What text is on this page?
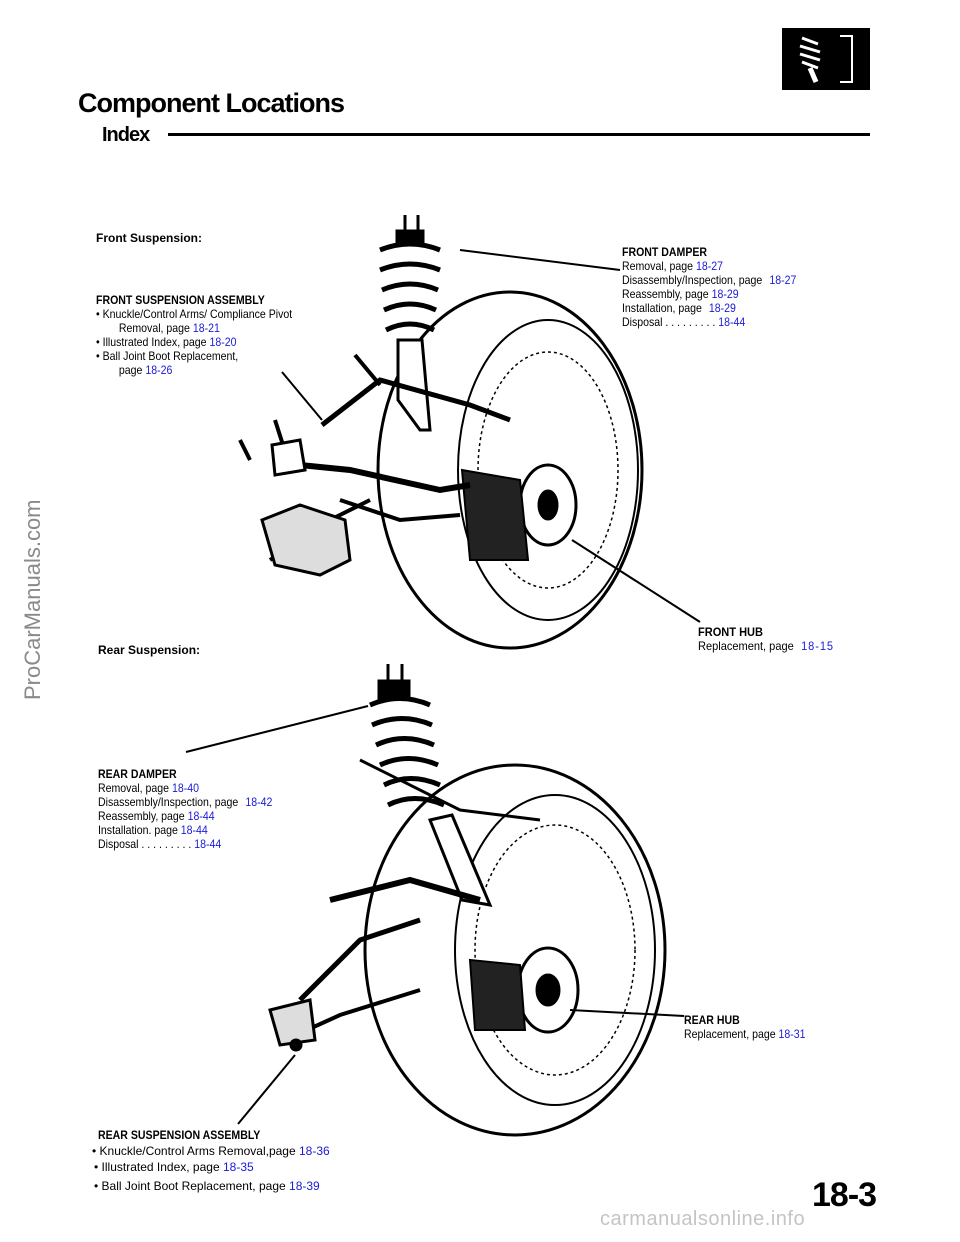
Component Locations
Index
Front Suspension:
Rear Suspension:
FRONT DAMPER
Removal, page 18-27
Disassembly/Inspection, page 18-27
Reassembly, page 18-29
Installation, page 18-29
Disposal . . . . . . . . . 18-44
FRONT SUSPENSION ASSEMBLY
• Knuckle/Control Arms/ Compliance Pivot
Removal, page 18-21
• Illustrated Index, page 18-20
• Ball Joint Boot Replacement,
page 18-26
FRONT HUB
Replacement, page 18-15
REAR DAMPER
Removal, page 18-40
Disassembly/Inspection, page 18-42
Reassembly, page 18-44
Installation. page 18-44
Disposal . . . . . . . . . 18-44
REAR HUB
Replacement, page 18-31
REAR SUSPENSION ASSEMBLY
• Knuckle/Control Arms Removal,page 18-36
• Illustrated Index, page 18-35
• Ball Joint Boot Replacement, page 18-39	18-3
ProCarManuals.com
carmanualsonline.info
